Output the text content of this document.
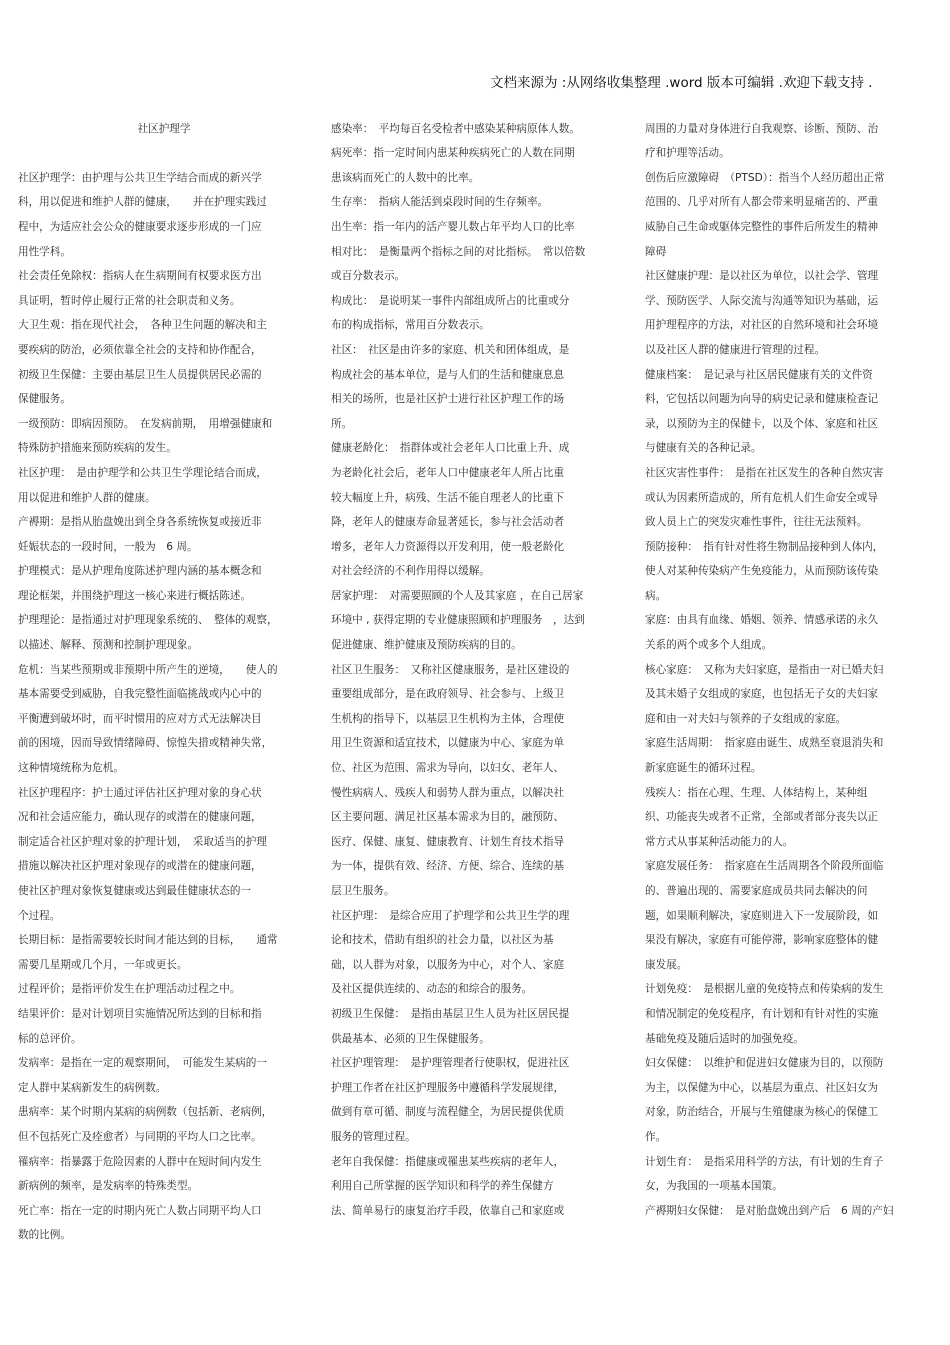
文档来源为 :从网络收集整理 .word 版本可编辑 .欢迎下载支持 .

社区护理学

社区护理学：由护理与公共卫生学结合而成的新兴学
科，用以促进和维护人群的健康，　　并在护理实践过
程中，为适应社会公众的健康要求逐步形成的一门应
用性学科。

社会责任免除权：指病人在生病期间有权要求医方出
具证明，暂时停止履行正常的社会职责和义务。

大卫生观：指在现代社会，　各种卫生问题的解决和主
要疾病的防治，必须依靠全社会的支持和协作配合，

初级卫生保健：主要由基层卫生人员提供居民必需的
保健服务。

一级预防：即病因预防。　在发病前期，　用增强健康和
特殊防护措施来预防疾病的发生。

社区护理：　是由护理学和公共卫生学理论结合而成，
用以促进和维护人群的健康。

产褥期：是指从胎盘娩出到全身各系统恢复或接近非
妊娠状态的一段时间，一般为　6 周。

护理模式：是从护理角度陈述护理内涵的基本概念和
理论框架，并围绕护理这一核心来进行概括陈述。

护理理论：是指通过对护理现象系统的、　整体的观察，
以描述、解释、预测和控制护理现象。

危机：当某些预期或非预期中所产生的逆境，　　使人的
基本需要受到威胁，自我完整性面临挑战或内心中的
平衡遭到破坏时，而平时惯用的应对方式无法解决目
前的困境，因而导致情绪障碍、惊惶失措或精神失常，
这种情境统称为危机。

社区护理程序：护士通过评估社区护理对象的身心状
况和社会适应能力，确认现存的或潜在的健康问题，
制定适合社区护理对象的护理计划，　采取适当的护理
措施以解决社区护理对象现存的或潜在的健康问题，
使社区护理对象恢复健康或达到最佳健康状态的一
个过程。

长期目标：是指需要较长时间才能达到的目标，　　通常
需要几星期或几个月，一年或更长。

过程评价；是指评价发生在护理活动过程之中。

结果评价：是对计划项目实施情况所达到的目标和指
标的总评价。

发病率：是指在一定的观察期间，　可能发生某病的一
定人群中某病新发生的病例数。

患病率：某个时期内某病的病例数（包括新、老病例，
但不包括死亡及痊愈者）与同期的平均人口之比率。

罹病率：指暴露于危险因素的人群中在短时间内发生
新病例的频率，是发病率的特殊类型。

死亡率：指在一定的时期内死亡人数占同期平均人口
数的比例。

感染率：　平均每百名受检者中感染某种病原体人数。

病死率：指一定时间内患某种疾病死亡的人数在同期
患该病而死亡的人数中的比率。

生存率：　指病人能活到桌段时间的生存频率。

出生率：指一年内的活产婴儿数占年平均人口的比率

相对比：　是衡量两个指标之间的对比指标。　常以倍数
或百分数表示。

构成比：　是说明某一事件内部组成所占的比重或分
布的构成指标，常用百分数表示。

社区：　社区是由许多的家庭、机关和团体组成，是
构成社会的基本单位，是与人们的生活和健康息息
相关的场所，也是社区护士进行社区护理工作的场
所。

健康老龄化：　指群体或社会老年人口比重上升、成
为老龄化社会后，老年人口中健康老年人所占比重
较大幅度上升，病残、生活不能自理老人的比重下
降，老年人的健康寿命显著延长，参与社会活动者
增多，老年人力资源得以开发利用，使一般老龄化
对社会经济的不利作用得以缓解。

居家护理：　对需要照顾的个人及其家庭 ，在自己居家
环境中 , 获得定期的专业健康照顾和护理服务　，达到
促进健康、维护健康及预防疾病的目的。

社区卫生服务：　又称社区健康服务，是社区建设的
重要组成部分，是在政府领导、社会参与、上级卫
生机构的指导下，以基层卫生机构为主体，合理使
用卫生资源和适宜技术，以健康为中心、家庭为单
位、社区为范围、需求为导向，以妇女、老年人、
慢性病病人、残疾人和弱势人群为重点，以解决社
区主要问题、满足社区基本需求为目的，融预防、
医疗、保健、康复、健康教育、计划生育技术指导
为一体，提供有效、经济、方便、综合、连续的基
层卫生服务。

社区护理：　是综合应用了护理学和公共卫生学的理
论和技术，借助有组织的社会力量，以社区为基
础，以人群为对象，以服务为中心，对个人、家庭
及社区提供连续的、动态的和综合的服务。

初级卫生保健：　是指由基层卫生人员为社区居民提
供最基本、必须的卫生保健服务。

社区护理管理：　是护理管理者行使职权，促进社区
护理工作者在社区护理服务中遵循科学发展规律，
做到有章可循、制度与流程健全，为居民提供优质
服务的管理过程。

老年自我保健：指健康或罹患某些疾病的老年人，
利用自己所掌握的医学知识和科学的养生保健方
法、简单易行的康复治疗手段，依靠自己和家庭或

周围的力量对身体进行自我观察、诊断、预防、治
疗和护理等活动。

创伤后应激障碍　（PTSD）：指当个人经历超出正常
范围的、几乎对所有人都会带来明显痛苦的、严重
威胁自己生命或躯体完整性的事件后所发生的精神
障碍

社区健康护理：是以社区为单位，以社会学、管理
学、预防医学、人际交流与沟通等知识为基础，运
用护理程序的方法，对社区的自然环境和社会环境
以及社区人群的健康进行管理的过程。

健康档案：　是记录与社区居民健康有关的文件资
料，它包括以问题为向导的病史记录和健康检查记
录，以预防为主的保健卡，以及个体、家庭和社区
与健康有关的各种记录。

社区灾害性事件：　是指在社区发生的各种自然灾害
或认为因素所造成的，所有危机人们生命安全或导
致人员上亡的突发灾难性事件，往往无法预料。

预防接种：　指有针对性将生物制品接种到人体内，
使人对某种传染病产生免疫能力，从而预防该传染
病。

家庭：由具有血缘、婚姻、领养、情感承诺的永久
关系的两个或多个人组成。

核心家庭：　又称为夫妇家庭，是指由一对已婚夫妇
及其未婚子女组成的家庭，也包括无子女的夫妇家
庭和由一对夫妇与领养的子女组成的家庭。

家庭生活周期：　指家庭由诞生、成熟至衰退消失和
新家庭诞生的循环过程。

残疾人：指在心理、生理、人体结构上，某种组
织、功能丧失或者不正常，全部或者部分丧失以正
常方式从事某种活动能力的人。

家庭发展任务：　指家庭在生活周期各个阶段所面临
的、普遍出现的、需要家庭成员共同去解决的问
题，如果顺利解决，家庭则进入下一发展阶段，如
果没有解决，家庭有可能停滞，影响家庭整体的健
康发展。

计划免疫：　是根据儿童的免疫特点和传染病的发生
和情况制定的免疫程序，有计划和有针对性的实施
基础免疫及随后适时的加强免疫。

妇女保健：　以维护和促进妇女健康为目的，以预防
为主，以保健为中心，以基层为重点、社区妇女为
对象，防治结合，开展与生殖健康为核心的保健工
作。

计划生育：　是指采用科学的方法，有计划的生育子
女，为我国的一项基本国策。

产褥期妇女保健：　是对胎盘娩出到产后　6 周的产妇
